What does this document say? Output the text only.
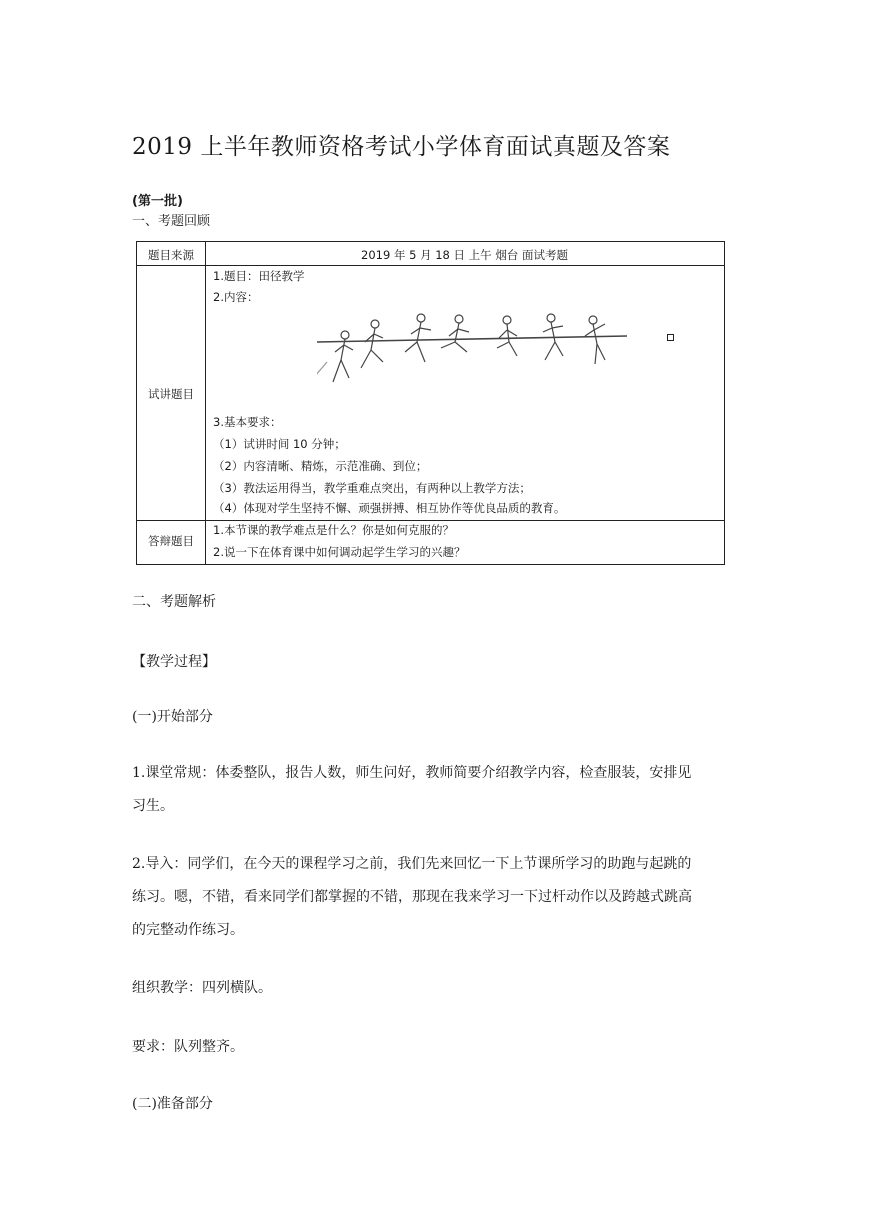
2019 上半年教师资格考试小学体育面试真题及答案
(第一批)
一、考题回顾
题目来源	2019 年 5 月 18 日 上午 烟台 面试考题
试讲题目
1.题目：田径教学
2.内容：
3.基本要求：
（1）试讲时间 10 分钟；
（2）内容清晰、精炼，示范准确、到位；
（3）教法运用得当，教学重难点突出，有两种以上教学方法；
（4）体现对学生坚持不懈、顽强拼搏、相互协作等优良品质的教育。
答辩题目
1.本节课的教学难点是什么？你是如何克服的？
2.说一下在体育课中如何调动起学生学习的兴趣？
二、考题解析
【教学过程】
(一)开始部分
1.课堂常规：体委整队，报告人数，师生问好，教师简要介绍教学内容，检查服装，安排见
习生。
2.导入：同学们，在今天的课程学习之前，我们先来回忆一下上节课所学习的助跑与起跳的
练习。嗯，不错，看来同学们都掌握的不错，那现在我来学习一下过杆动作以及跨越式跳高
的完整动作练习。
组织教学：四列横队。
要求：队列整齐。
(二)准备部分
